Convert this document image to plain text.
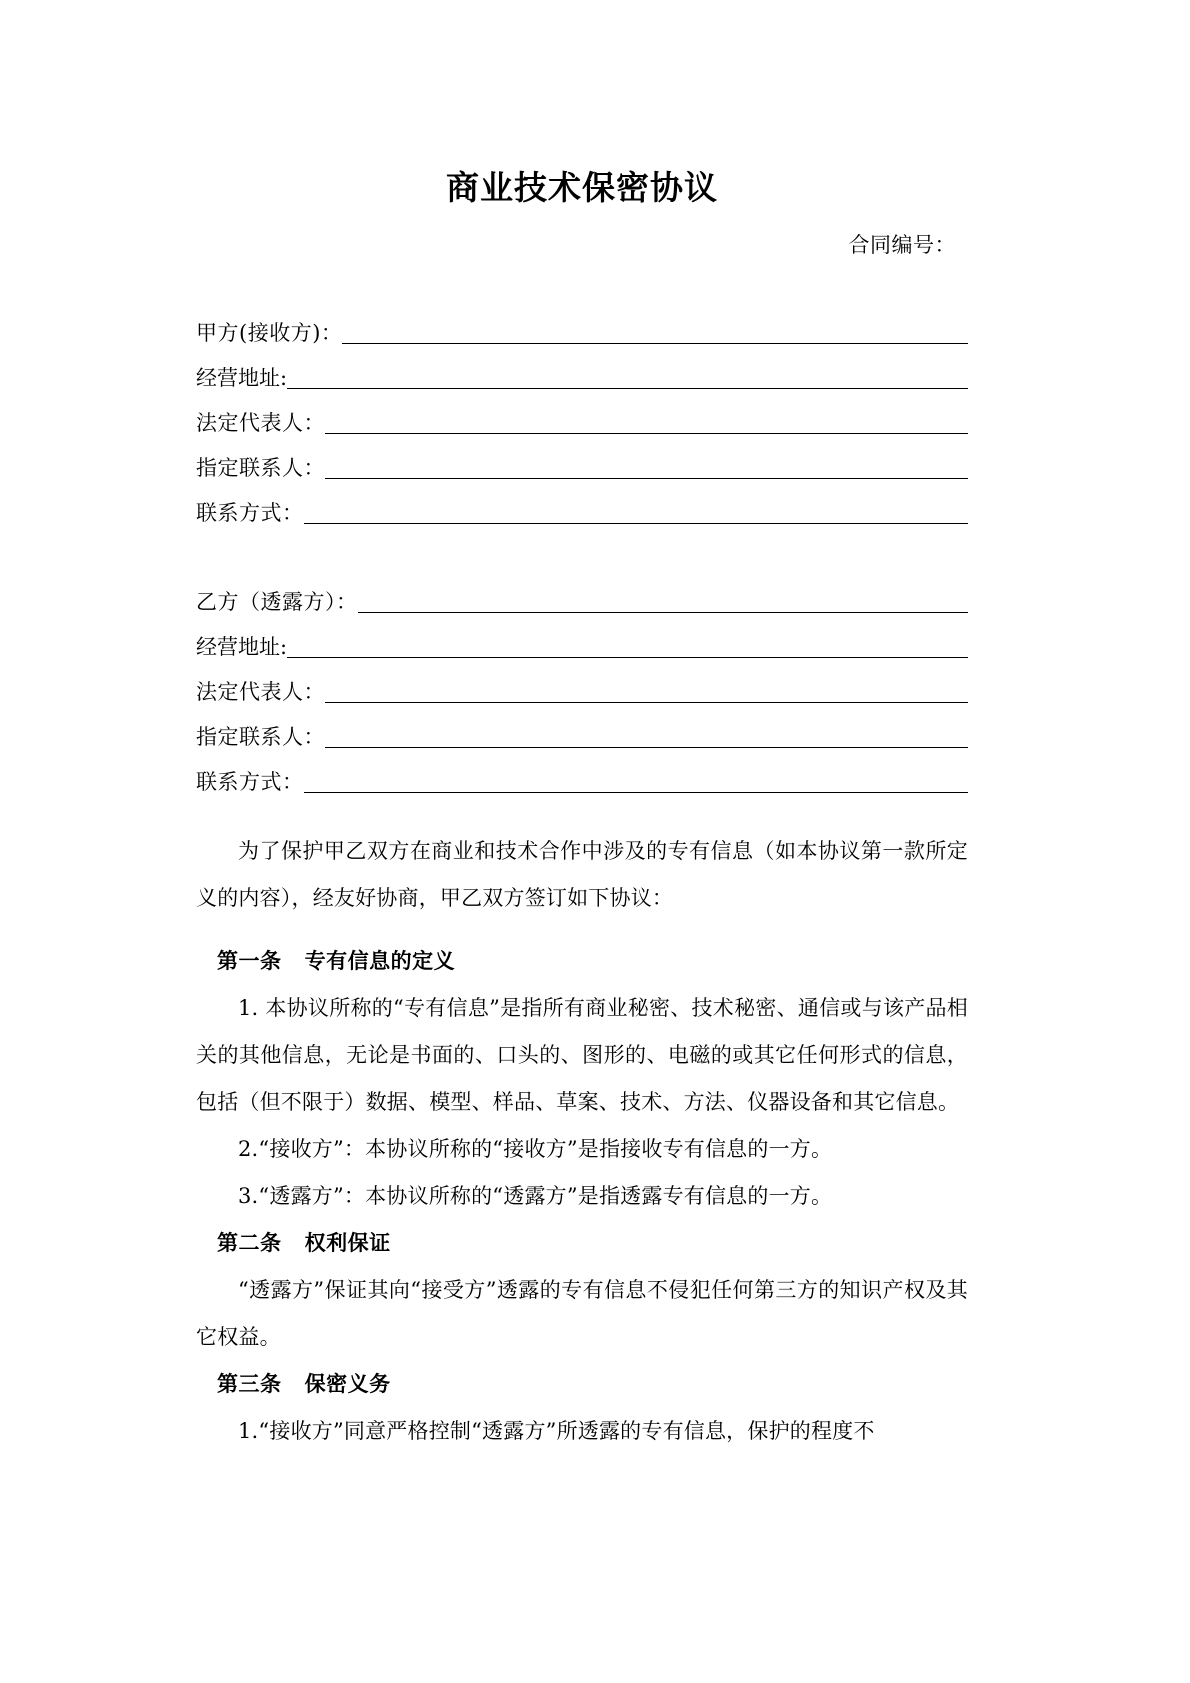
商业技术保密协议

合同编号：

甲方(接收方)：
经营地址:
法定代表人：
指定联系人：
联系方式：
乙方（透露方）：
经营地址:
法定代表人：
指定联系人：
联系方式：

为了保护甲乙双方在商业和技术合作中涉及的专有信息（如本协议第一款所定义的内容），经友好协商，甲乙双方签订如下协议：

第一条 专有信息的定义

1. 本协议所称的“专有信息”是指所有商业秘密、技术秘密、通信或与该产品相关的其他信息，无论是书面的、口头的、图形的、电磁的或其它任何形式的信息，包括（但不限于）数据、模型、样品、草案、技术、方法、仪器设备和其它信息。

2.“接收方”：本协议所称的“接收方”是指接收专有信息的一方。

3.“透露方”：本协议所称的“透露方”是指透露专有信息的一方。

第二条 权利保证

“透露方”保证其向“接受方”透露的专有信息不侵犯任何第三方的知识产权及其它权益。

第三条 保密义务

1.“接收方”同意严格控制“透露方”所透露的专有信息，保护的程度不
